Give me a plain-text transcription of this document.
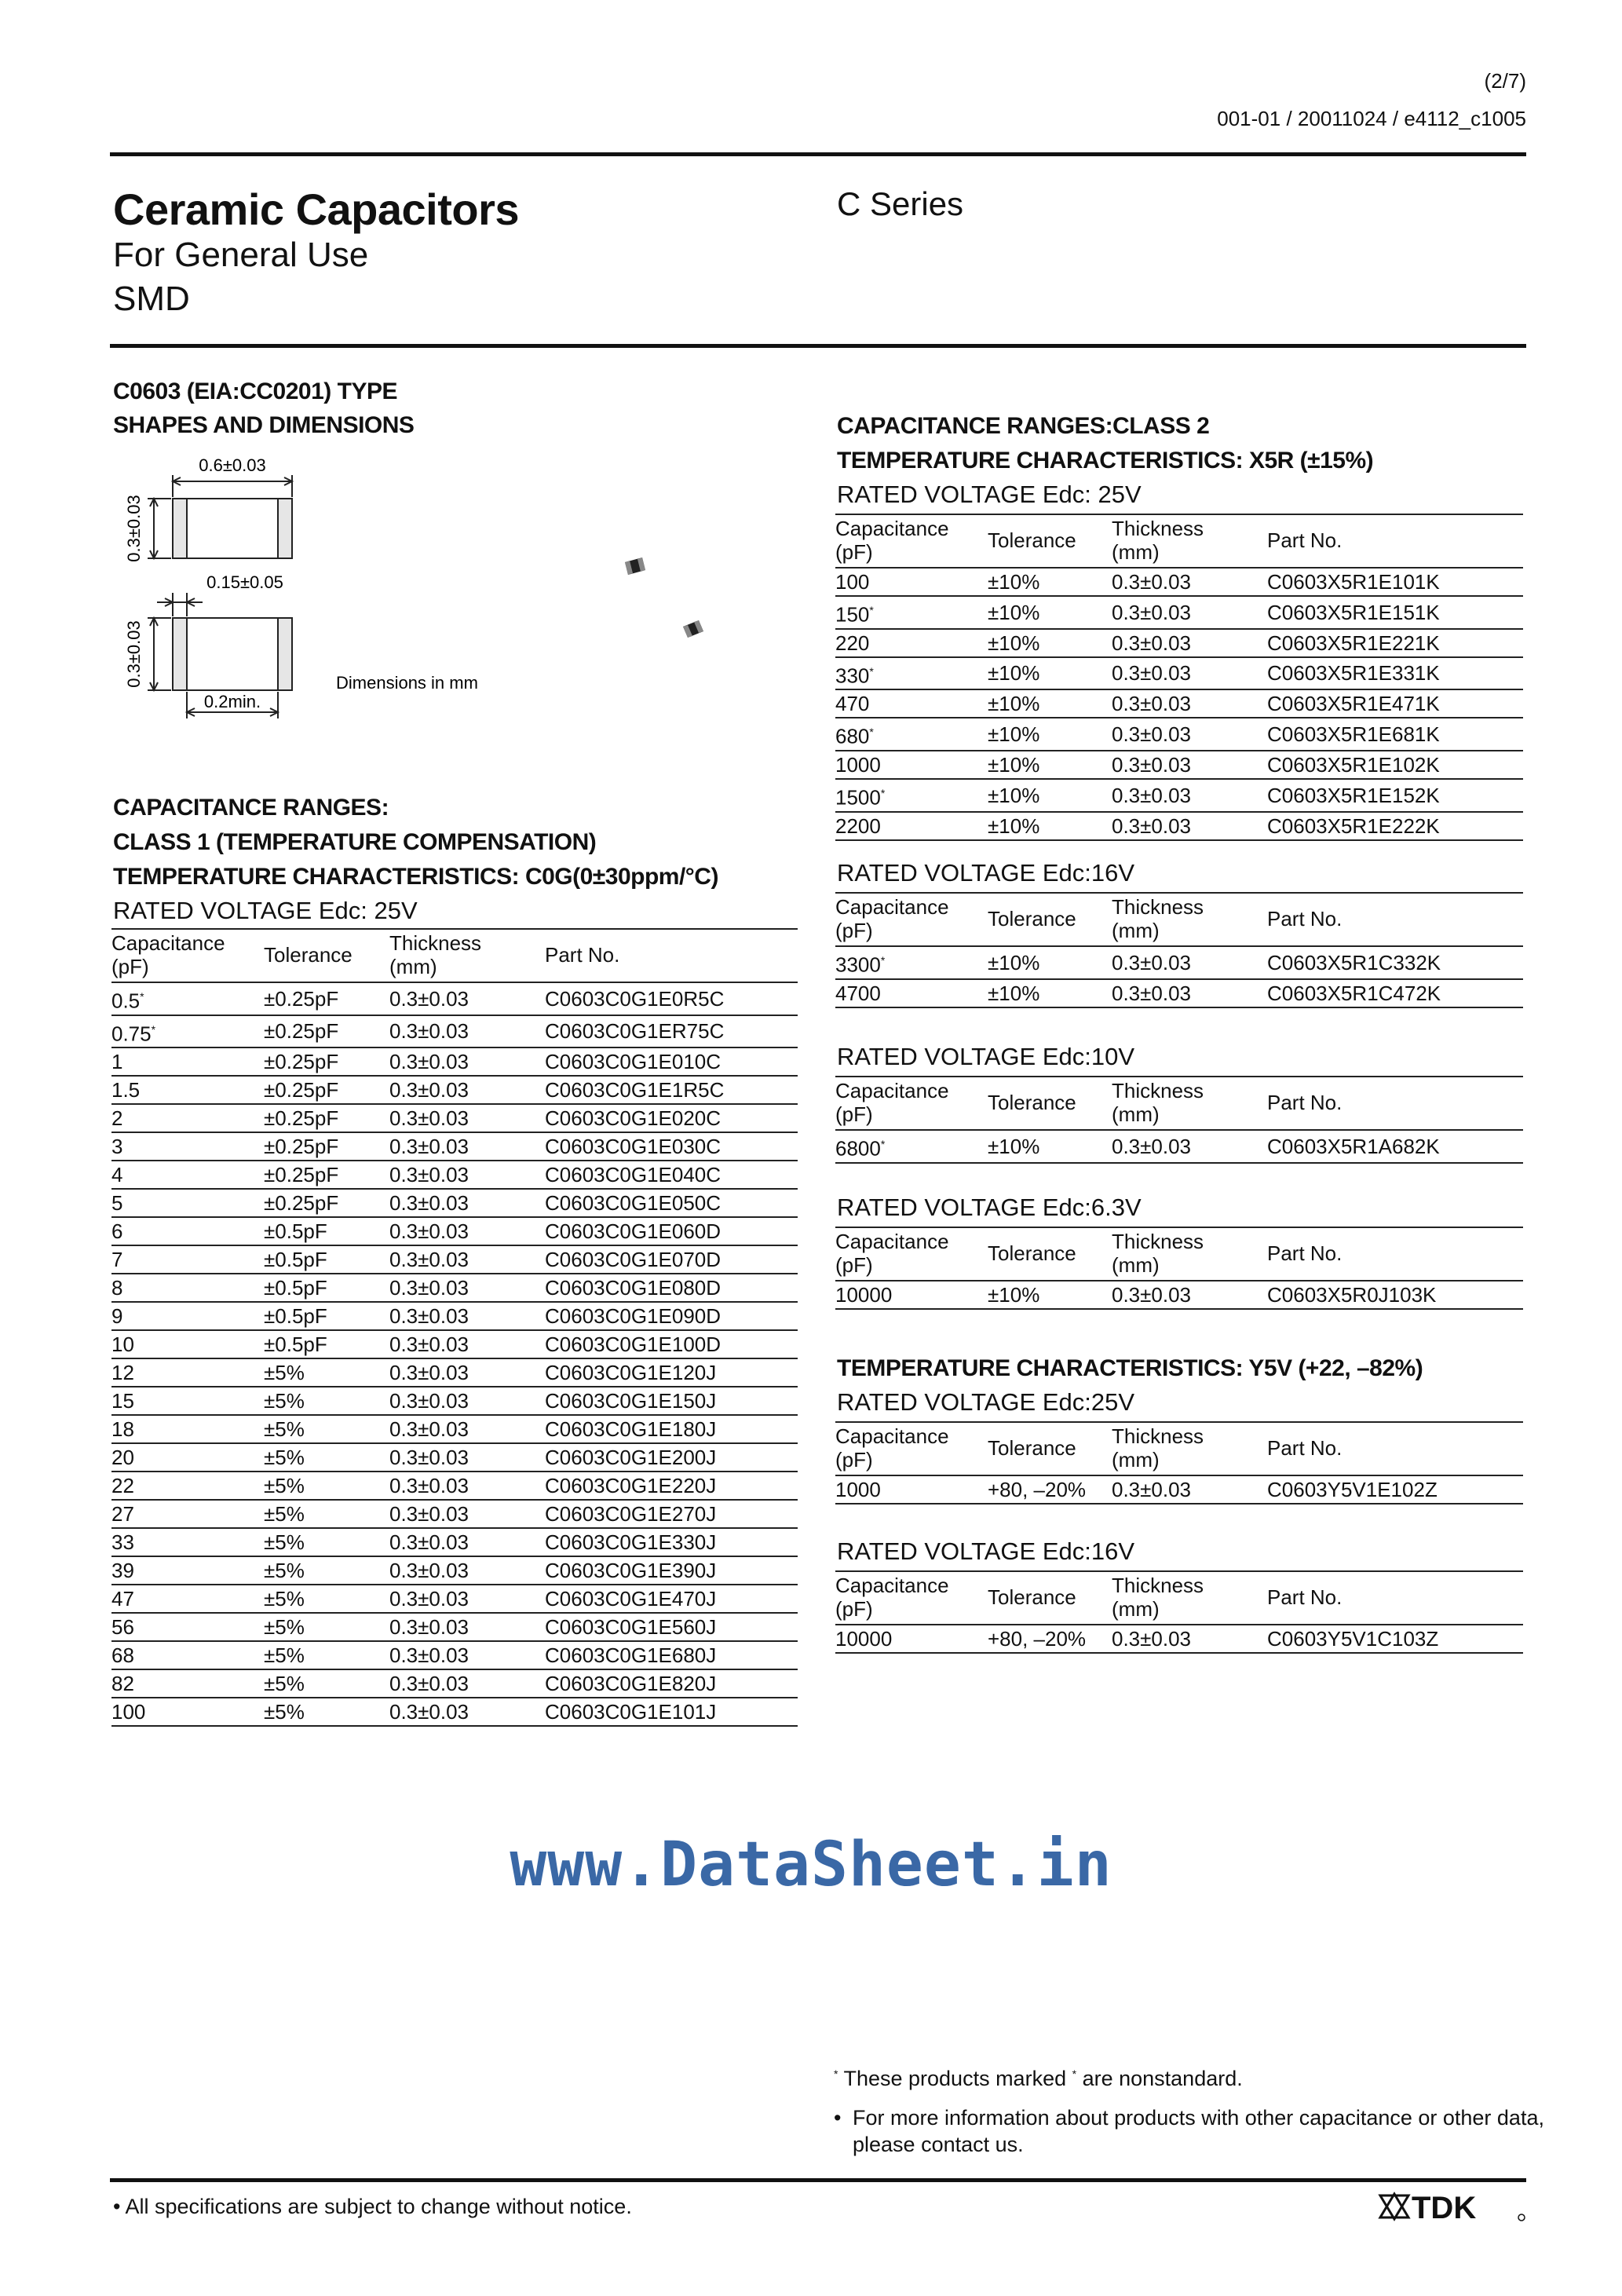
(2/7)
001-01 / 20011024 / e4112_c1005
Ceramic Capacitors
For General Use
SMD
C Series
C0603 (EIA:CC0201) TYPE
SHAPES AND DIMENSIONS
0.6±0.03
0.3±0.03
0.15±0.05
0.3±0.03
0.2min.
Dimensions in mm
CAPACITANCE RANGES:
CLASS 1 (TEMPERATURE COMPENSATION)
TEMPERATURE CHARACTERISTICS: C0G(0±30ppm/°C)
RATED VOLTAGE Edc: 25V
Capacitance
(pF)	Tolerance	Thickness
(mm)	Part No.
0.5*	±0.25pF	0.3±0.03	C0603C0G1E0R5C
0.75*	±0.25pF	0.3±0.03	C0603C0G1ER75C
1	±0.25pF	0.3±0.03	C0603C0G1E010C
1.5	±0.25pF	0.3±0.03	C0603C0G1E1R5C
2	±0.25pF	0.3±0.03	C0603C0G1E020C
3	±0.25pF	0.3±0.03	C0603C0G1E030C
4	±0.25pF	0.3±0.03	C0603C0G1E040C
5	±0.25pF	0.3±0.03	C0603C0G1E050C
6	±0.5pF	0.3±0.03	C0603C0G1E060D
7	±0.5pF	0.3±0.03	C0603C0G1E070D
8	±0.5pF	0.3±0.03	C0603C0G1E080D
9	±0.5pF	0.3±0.03	C0603C0G1E090D
10	±0.5pF	0.3±0.03	C0603C0G1E100D
12	±5%	0.3±0.03	C0603C0G1E120J
15	±5%	0.3±0.03	C0603C0G1E150J
18	±5%	0.3±0.03	C0603C0G1E180J
20	±5%	0.3±0.03	C0603C0G1E200J
22	±5%	0.3±0.03	C0603C0G1E220J
27	±5%	0.3±0.03	C0603C0G1E270J
33	±5%	0.3±0.03	C0603C0G1E330J
39	±5%	0.3±0.03	C0603C0G1E390J
47	±5%	0.3±0.03	C0603C0G1E470J
56	±5%	0.3±0.03	C0603C0G1E560J
68	±5%	0.3±0.03	C0603C0G1E680J
82	±5%	0.3±0.03	C0603C0G1E820J
100	±5%	0.3±0.03	C0603C0G1E101J
CAPACITANCE RANGES:CLASS 2
TEMPERATURE CHARACTERISTICS: X5R (±15%)
TEMPERATURE CHARACTERISTICS: Y5V (+22, –82%)
RATED VOLTAGE Edc: 25V
Capacitance
(pF)	Tolerance	Thickness
(mm)	Part No.
100	±10%	0.3±0.03	C0603X5R1E101K
150*	±10%	0.3±0.03	C0603X5R1E151K
220	±10%	0.3±0.03	C0603X5R1E221K
330*	±10%	0.3±0.03	C0603X5R1E331K
470	±10%	0.3±0.03	C0603X5R1E471K
680*	±10%	0.3±0.03	C0603X5R1E681K
1000	±10%	0.3±0.03	C0603X5R1E102K
1500*	±10%	0.3±0.03	C0603X5R1E152K
2200	±10%	0.3±0.03	C0603X5R1E222K
RATED VOLTAGE Edc:16V
Capacitance
(pF)	Tolerance	Thickness
(mm)	Part No.
3300*	±10%	0.3±0.03	C0603X5R1C332K
4700	±10%	0.3±0.03	C0603X5R1C472K
RATED VOLTAGE Edc:10V
Capacitance
(pF)	Tolerance	Thickness
(mm)	Part No.
6800*	±10%	0.3±0.03	C0603X5R1A682K
RATED VOLTAGE Edc:6.3V
Capacitance
(pF)	Tolerance	Thickness
(mm)	Part No.
10000	±10%	0.3±0.03	C0603X5R0J103K
RATED VOLTAGE Edc:25V
Capacitance
(pF)	Tolerance	Thickness
(mm)	Part No.
1000	+80, –20%	0.3±0.03	C0603Y5V1E102Z
RATED VOLTAGE Edc:16V
Capacitance
(pF)	Tolerance	Thickness
(mm)	Part No.
10000	+80, –20%	0.3±0.03	C0603Y5V1C103Z
www.DataSheet.in
* These products marked * are nonstandard.
• For more information about products with other capacitance or other data,
please contact us.
• All specifications are subject to change without notice.	TDK
